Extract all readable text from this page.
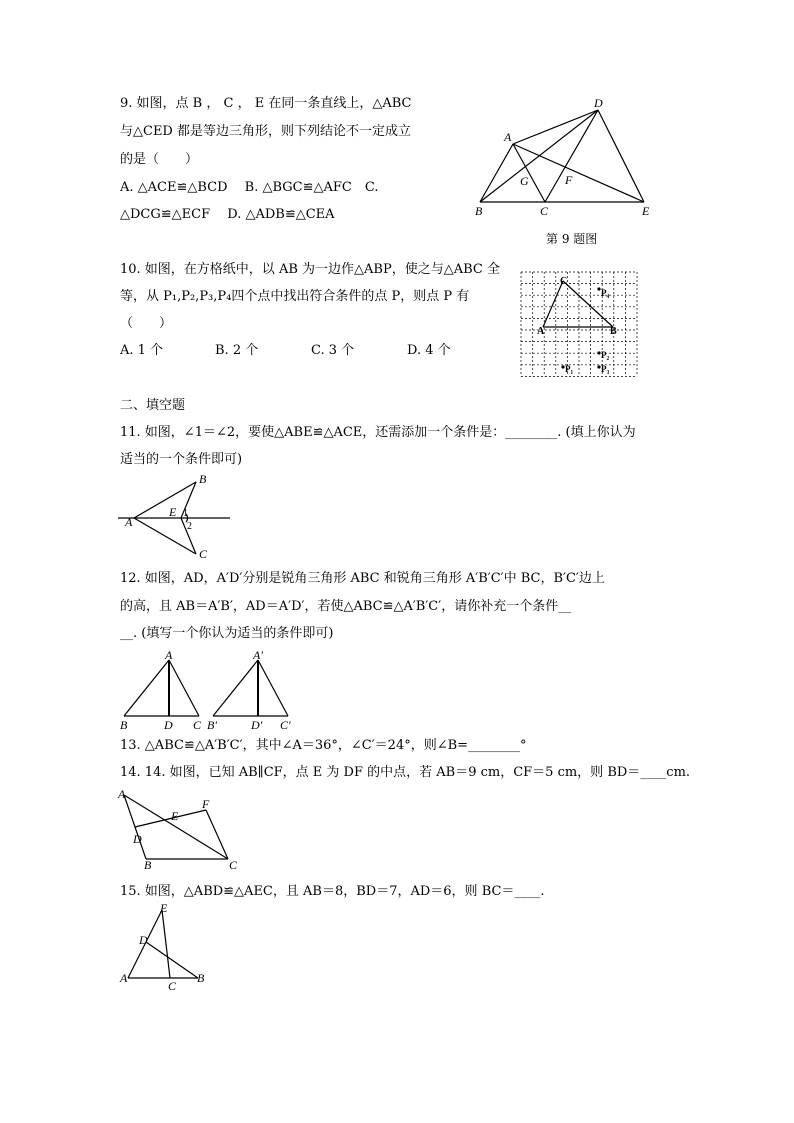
9. 如图，点 B ， C ， E 在同一条直线上，△ABC
与△CED 都是等边三角形，则下列结论不一定成立
的是（　　）
A. △ACE≌△BCD　 B. △BGC≌△AFC　C.
△DCG≌△ECF　 D. △ADB≌△CEA
D
A
G	F
B	C	E
第 9 题图
10. 如图，在方格纸中，以 AB 为一边作△ABP，使之与△ABC 全
等，从 P₁,P₂,P₃,P₄四个点中找出符合条件的点 P，则点 P 有
（　　）
A. 1 个	B. 2 个	C. 3 个	D. 4 个
C
A	B
P₄
P₂
P₁	P₃
二、填空题
11. 如图，∠1＝∠2，要使△ABE≌△ACE，还需添加一个条件是：________. (填上你认为
适当的一个条件即可)
B
A
E 1
2
C
12. 如图，AD，A′D′分别是锐角三角形 ABC 和锐角三角形 A′B′C′中 BC，B′C′边上
的高，且 AB＝A′B′，AD＝A′D′，若使△ABC≌△A′B′C′，请你补充一个条件__
__. (填写一个你认为适当的条件即可)
A
B	D C
A′
B′	D′ C′
13. △ABC≌△A′B′C′，其中∠A＝36°，∠C′＝24°，则∠B=________°
14. 14. 如图，已知 AB∥CF，点 E 为 DF 的中点，若 AB＝9 cm，CF＝5 cm，则 BD＝____cm.
A
F
E
D
B	C
15. 如图，△ABD≌△AEC，且 AB＝8，BD＝7，AD＝6，则 BC＝____.
E
D
A
C
B
